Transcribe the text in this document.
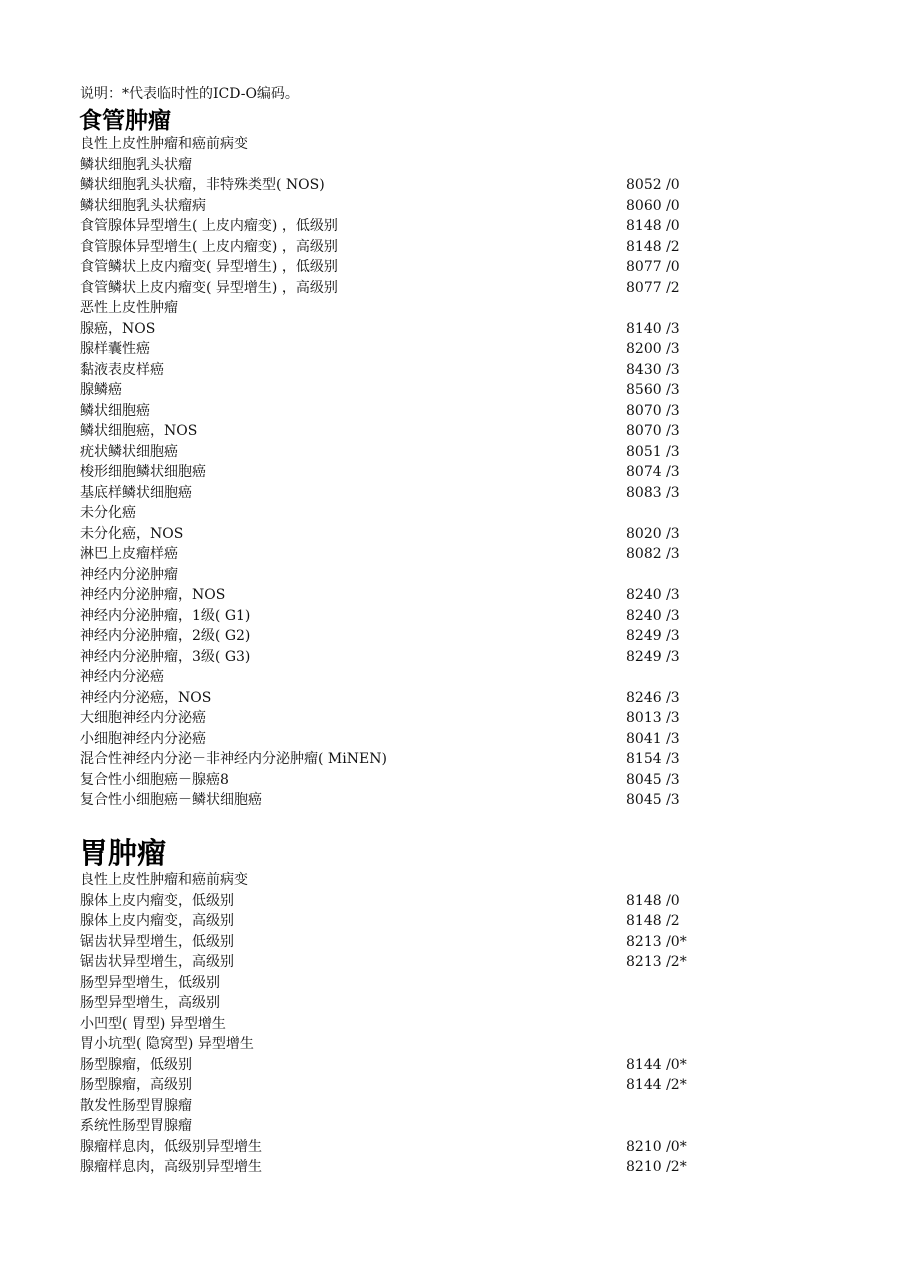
说明：*代表临时性的ICD-O编码。
食管肿瘤
良性上皮性肿瘤和癌前病变
鳞状细胞乳头状瘤
鳞状细胞乳头状瘤，非特殊类型( NOS)	8052 /0
鳞状细胞乳头状瘤病	8060 /0
食管腺体异型增生( 上皮内瘤变) ，低级别	8148 /0
食管腺体异型增生( 上皮内瘤变) ，高级别	8148 /2
食管鳞状上皮内瘤变( 异型增生) ，低级别	8077 /0
食管鳞状上皮内瘤变( 异型增生) ，高级别	8077 /2
恶性上皮性肿瘤
腺癌，NOS	8140 /3
腺样囊性癌	8200 /3
黏液表皮样癌	8430 /3
腺鳞癌	8560 /3
鳞状细胞癌	8070 /3
鳞状细胞癌，NOS	8070 /3
疣状鳞状细胞癌	8051 /3
梭形细胞鳞状细胞癌	8074 /3
基底样鳞状细胞癌	8083 /3
未分化癌
未分化癌，NOS	8020 /3
淋巴上皮瘤样癌	8082 /3
神经内分泌肿瘤
神经内分泌肿瘤，NOS	8240 /3
神经内分泌肿瘤，1级( G1)	8240 /3
神经内分泌肿瘤，2级( G2)	8249 /3
神经内分泌肿瘤，3级( G3)	8249 /3
神经内分泌癌
神经内分泌癌，NOS	8246 /3
大细胞神经内分泌癌	8013 /3
小细胞神经内分泌癌	8041 /3
混合性神经内分泌－非神经内分泌肿瘤( MiNEN)	8154 /3
复合性小细胞癌－腺癌8	8045 /3
复合性小细胞癌－鳞状细胞癌	8045 /3
胃肿瘤
良性上皮性肿瘤和癌前病变
腺体上皮内瘤变，低级别	8148 /0
腺体上皮内瘤变，高级别	8148 /2
锯齿状异型增生，低级别	8213 /0*
锯齿状异型增生，高级别	8213 /2*
肠型异型增生，低级别
肠型异型增生，高级别
小凹型( 胃型) 异型增生
胃小坑型( 隐窝型) 异型增生
肠型腺瘤，低级别	8144 /0*
肠型腺瘤，高级别	8144 /2*
散发性肠型胃腺瘤
系统性肠型胃腺瘤
腺瘤样息肉，低级别异型增生	8210 /0*
腺瘤样息肉，高级别异型增生	8210 /2*
